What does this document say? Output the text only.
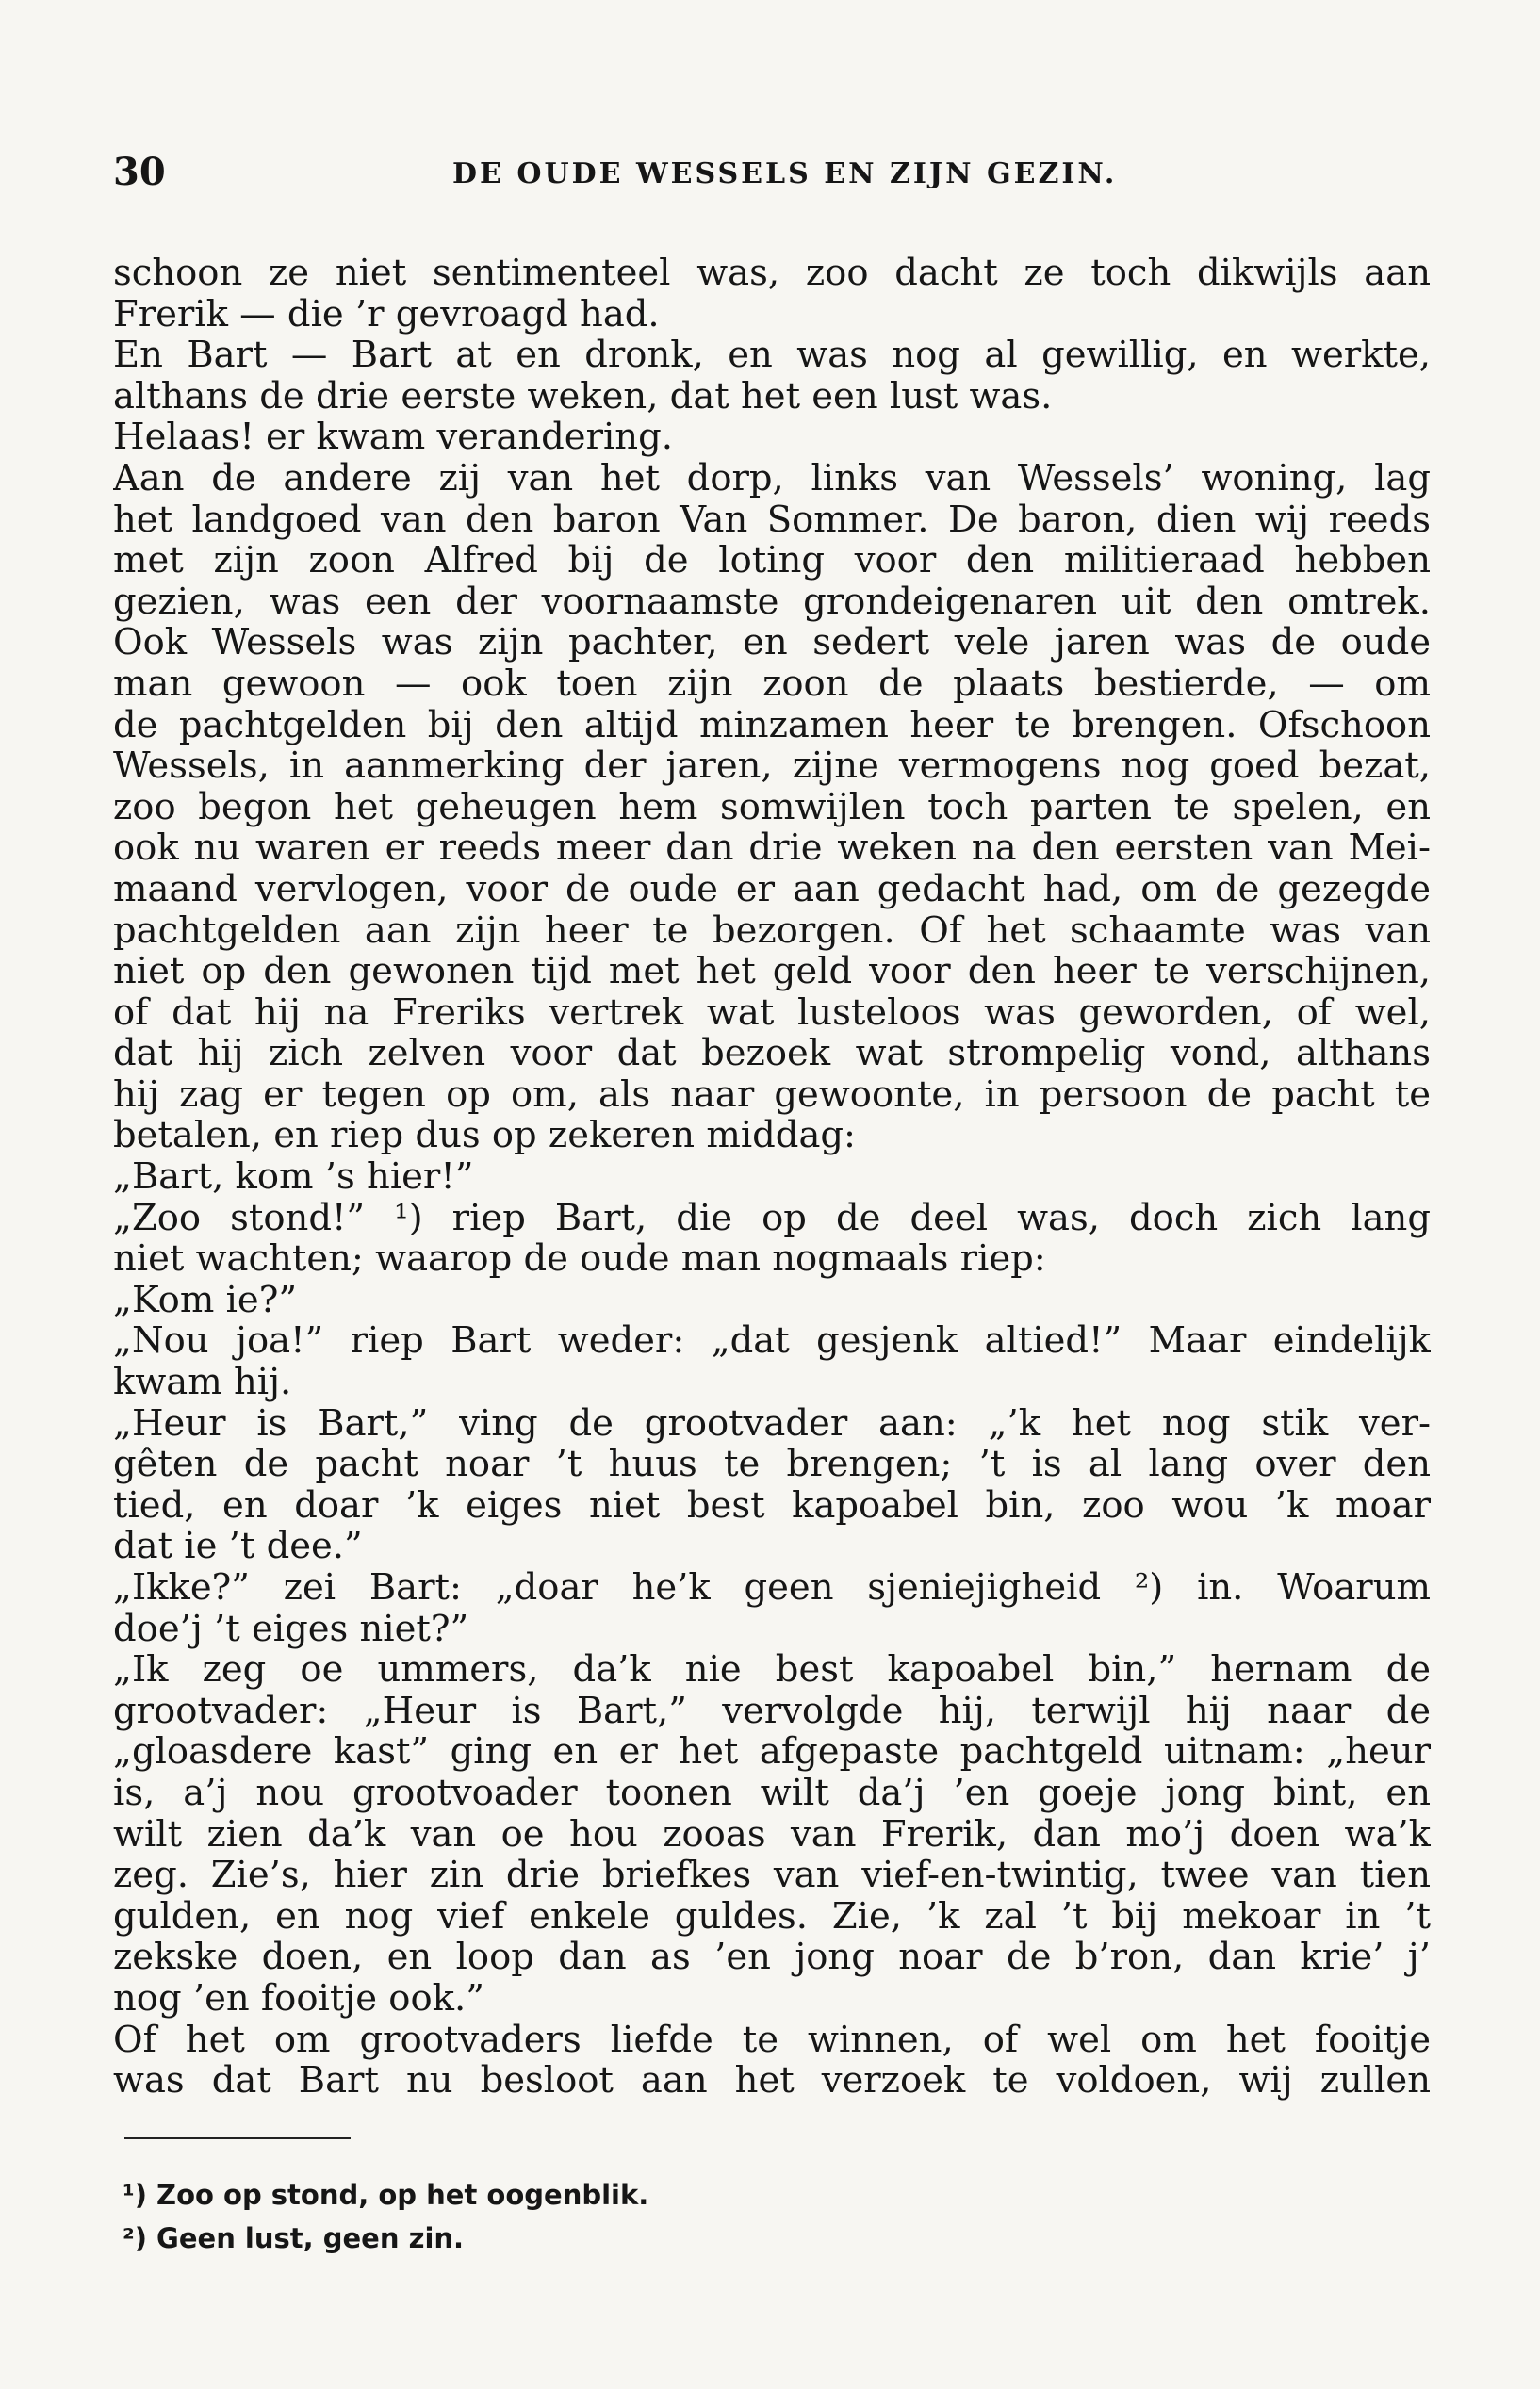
30	DE OUDE WESSELS EN ZIJN GEZIN.
schoon ze niet sentimenteel was, zoo dacht ze toch dikwijls aan
Frerik — die ’r gevroagd had.
En Bart — Bart at en dronk, en was nog al gewillig, en werkte,
althans de drie eerste weken, dat het een lust was.
Helaas! er kwam verandering.
Aan de andere zij van het dorp, links van Wessels’ woning, lag
het landgoed van den baron Van Sommer. De baron, dien wij reeds
met zijn zoon Alfred bij de loting voor den militieraad hebben
gezien, was een der voornaamste grondeigenaren uit den omtrek.
Ook Wessels was zijn pachter, en sedert vele jaren was de oude
man gewoon — ook toen zijn zoon de plaats bestierde, — om
de pachtgelden bij den altijd minzamen heer te brengen. Ofschoon
Wessels, in aanmerking der jaren, zijne vermogens nog goed bezat,
zoo begon het geheugen hem somwijlen toch parten te spelen, en
ook nu waren er reeds meer dan drie weken na den eersten van Mei-
maand vervlogen, voor de oude er aan gedacht had, om de gezegde
pachtgelden aan zijn heer te bezorgen. Of het schaamte was van
niet op den gewonen tijd met het geld voor den heer te verschijnen,
of dat hij na Freriks vertrek wat lusteloos was geworden, of wel,
dat hij zich zelven voor dat bezoek wat strompelig vond, althans
hij zag er tegen op om, als naar gewoonte, in persoon de pacht te
betalen, en riep dus op zekeren middag:
„Bart, kom ’s hier!”
„Zoo stond!” ¹) riep Bart, die op de deel was, doch zich lang
niet wachten; waarop de oude man nogmaals riep:
„Kom ie?”
„Nou joa!” riep Bart weder: „dat gesjenk altied!” Maar eindelijk
kwam hij.
„Heur is Bart,” ving de grootvader aan: „’k het nog stik ver-
gêten de pacht noar ’t huus te brengen; ’t is al lang over den
tied, en doar ’k eiges niet best kapoabel bin, zoo wou ’k moar
dat ie ’t dee.”
„Ikke?” zei Bart: „doar he’k geen sjeniejigheid ²) in. Woarum
doe’j ’t eiges niet?”
„Ik zeg oe ummers, da’k nie best kapoabel bin,” hernam de
grootvader: „Heur is Bart,” vervolgde hij, terwijl hij naar de
„gloasdere kast” ging en er het afgepaste pachtgeld uitnam: „heur
is, a’j nou grootvoader toonen wilt da’j ’en goeje jong bint, en
wilt zien da’k van oe hou zooas van Frerik, dan mo’j doen wa’k
zeg. Zie’s, hier zin drie briefkes van vief-en-twintig, twee van tien
gulden, en nog vief enkele guldes. Zie, ’k zal ’t bij mekoar in ’t
zekske doen, en loop dan as ’en jong noar de b’ron, dan krie’ j’
nog ’en fooitje ook.”
Of het om grootvaders liefde te winnen, of wel om het fooitje
was dat Bart nu besloot aan het verzoek te voldoen, wij zullen
¹) Zoo op stond, op het oogenblik.
²) Geen lust, geen zin.
